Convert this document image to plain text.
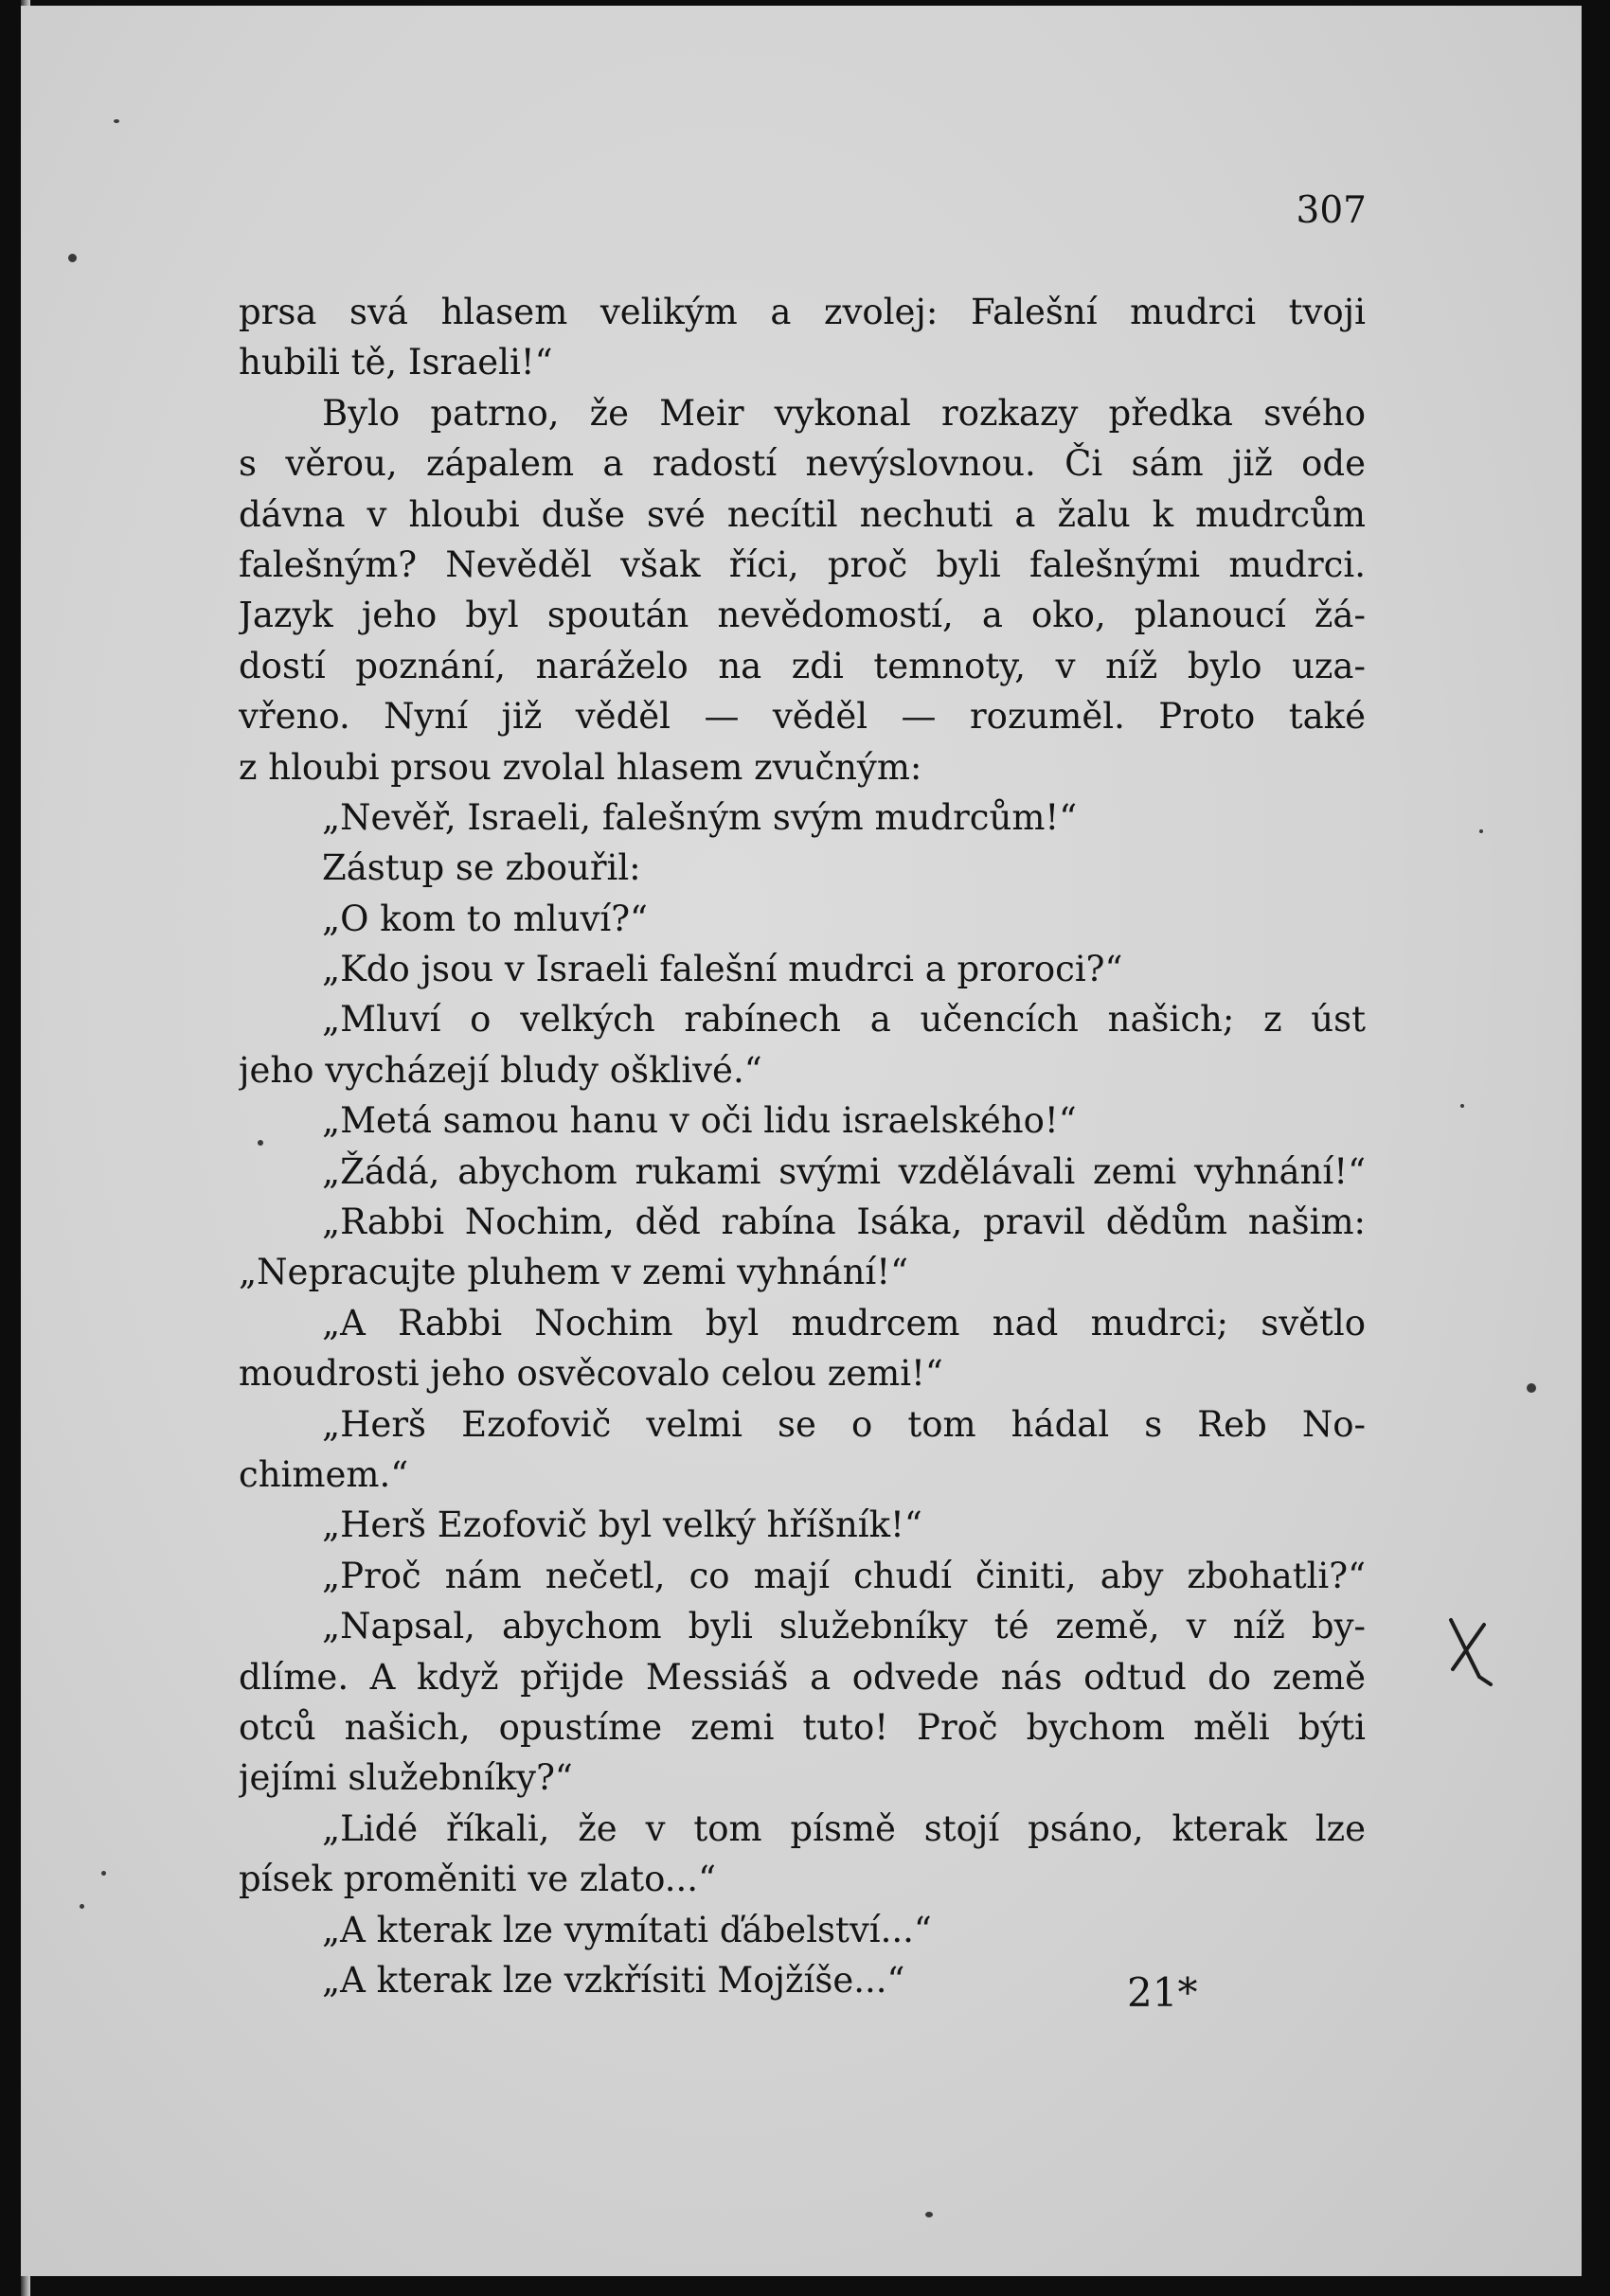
307

prsa svá hlasem velikým a zvolej: Falešní mudrci tvoji
hubili tě, Israeli!“
Bylo patrno, že Meir vykonal rozkazy předka svého
s věrou, zápalem a radostí nevýslovnou. Či sám již ode
dávna v hloubi duše své necítil nechuti a žalu k mudrcům
falešným? Nevěděl však říci, proč byli falešnými mudrci.
Jazyk jeho byl spoután nevědomostí, a oko, planoucí žá-
dostí poznání, naráželo na zdi temnoty, v níž bylo uza-
vřeno. Nyní již věděl — věděl — rozuměl. Proto také
z hloubi prsou zvolal hlasem zvučným:
„Nevěř, Israeli, falešným svým mudrcům!“
Zástup se zbouřil:
„O kom to mluví?“
„Kdo jsou v Israeli falešní mudrci a proroci?“
„Mluví o velkých rabínech a učencích našich; z úst
jeho vycházejí bludy ošklivé.“
„Metá samou hanu v oči lidu israelského!“
„Žádá, abychom rukami svými vzdělávali zemi vyhnání!“
„Rabbi Nochim, děd rabína Isáka, pravil dědům našim:
„Nepracujte pluhem v zemi vyhnání!“
„A Rabbi Nochim byl mudrcem nad mudrci; světlo
moudrosti jeho osvěcovalo celou zemi!“
„Herš Ezofovič velmi se o tom hádal s Reb No-
chimem.“
„Herš Ezofovič byl velký hříšník!“
„Proč nám nečetl, co mají chudí činiti, aby zbohatli?“
„Napsal, abychom byli služebníky té země, v níž by-
dlíme. A když přijde Messiáš a odvede nás odtud do země
otců našich, opustíme zemi tuto! Proč bychom měli býti
jejími služebníky?“
„Lidé říkali, že v tom písmě stojí psáno, kterak lze
písek proměniti ve zlato...“
„A kterak lze vymítati ďábelství...“
„A kterak lze vzkřísiti Mojžíše...“	21*
